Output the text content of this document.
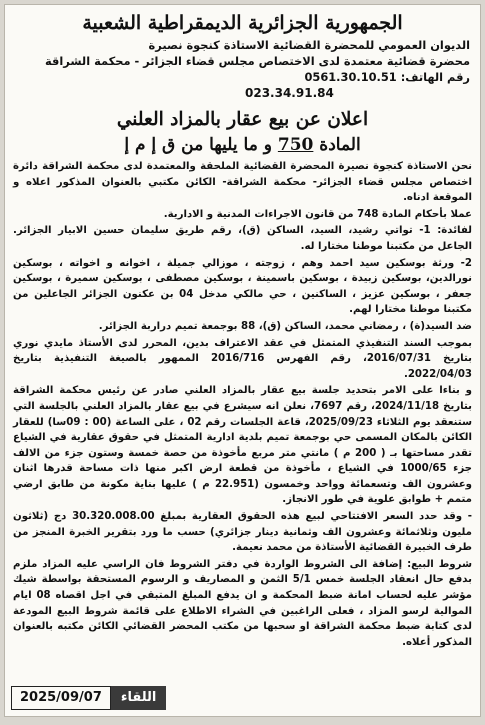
الجمهورية الجزائرية الديمقراطية الشعبية
الديوان العمومي للمحضرة القضائية الاستاذة كنجوة نصيرة
محضرة قضائية معتمدة لدى الاختصاص مجلس قضاء الجزائر - محكمة الشراقة
رقم الهاتف: 0561.30.10.51
023.34.91.84
اعلان عن بيع عقار بالمزاد العلني
المادة 750 و ما يليها من ق إ م إ

نحن الاستاذة كنجوة نصيرة المحضرة القضائية الملحقة والمعتمدة لدى محكمة الشراقة دائرة اختصاص مجلس قضاء الجزائر- محكمة الشراقة- الكائن مكتبي بالعنوان المذكور اعلاه و الموقعة ادناه.

عملا بأحكام المادة 748 من قانون الاجراءات المدنية و الادارية.

لفائدة: 1- تواتي رشيد، السيد، الساكن (ق)، رقم طريق سليمان حسين الابيار الجزائر. الجاعل من مكتبنا موطنا مختارا له.

2- ورثة بوسكين سيد احمد وهم ، زوجته ، موزالي جميلة ، اخوانه و اخواته ، بوسكين نورالدين، بوسكين زبيدة ، بوسكين باسمينة ، بوسكين مصطفى ، بوسكين سميرة ، بوسكين جعفر ، بوسكين عزيز ، الساكنين ، حي مالكي مدخل 04 بن عكنون الجزائر الجاعلين من مكتبنا موطنا مختارا لهم.

ضد السيد(ة) ، رمضاني محمد، الساكن (ق)، 88 بوجمعة تميم دراربة الجزائر.

بموجب السند التنفيذي المتمثل في عقد الاعتراف بدين، المحرر لدى الأستاذ مايدي نوري بتاريخ 2016/07/31، رقم الفهرس 2016/716 الممهور بالصيغة التنفيذية بتاريخ 2022/04/03.

و بناءا على الامر بتحديد جلسة بيع عقار بالمزاد العلني صادر عن رئيس محكمة الشراقة بتاريخ 2024/11/18، رقم 7697، نعلن انه سيشرع في بيع عقار بالمزاد العلني بالجلسة التي ستنعقد يوم الثلاثاء 2025/09/23، قاعة الجلسات رقم 02 ، على الساعة (00 : 09سا) للعقار الكائن بالمكان المسمى حي بوجمعة تميم بلدية ادارية المتمثل في حقوق عقارية في الشياع تقدر مساحتها بـ ( 200 م ) مانتي متر مربع مأخوذة من حصة خمسة وستون جزء من الالف جزء 1000/65 في الشياع ، مأخوذة من قطعة ارض اكبر منها ذات مساحة قدرها اثنان وعشرون الف وتسعمائة وواحد وخمسون (22.951 م ) عليها بناية مكونة من طابق ارضي متمم + طوابق علوية في طور الانجاز.

- وقد حدد السعر الافتتاحي لبيع هذه الحقوق العقارية بمبلغ 30.320.008.00 دج (ثلاثون مليون وثلاثمائة وعشرون الف وثمانية دينار جزائري) حسب ما ورد بتقرير الخبرة المنجز من طرف الخبيرة القضائية الأستاذة من محمد نعيمة.

شروط البيع: إضافة الى الشروط الواردة في دفتر الشروط فان الراسي عليه المزاد ملزم بدفع حال انعقاد الجلسة خمس 5/1 الثمن و المصاريف و الرسوم المستحقة بواسطة شيك مؤشر عليه لحساب امانة ضبط المحكمة و ان يدفع المبلغ المتبقي في اجل اقصاه 08 ايام الموالية لرسو المزاد ، فعلى الراغبين في الشراء الاطلاع على قائمة شروط البيع المودعة لدى كتابة ضبط محكمة الشراقة او سحبها من مكتب المحضر القضائي الكائن مكتبه بالعنوان المذكور أعلاه.

2025/09/07	اللقاء
